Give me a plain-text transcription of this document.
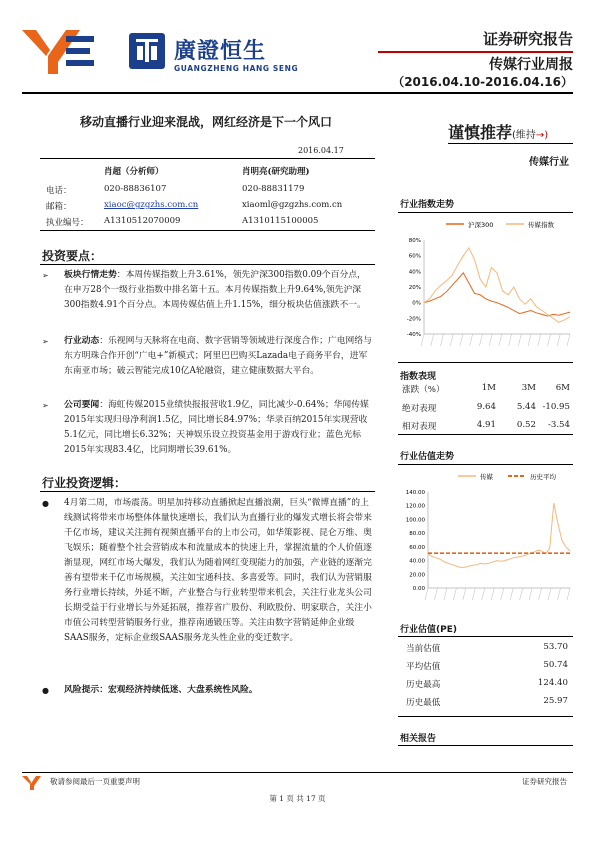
廣證恒生
GUANGZHENG HANG SENG
证券研究报告
传媒行业周报
（2016.04.10-2016.04.16）
移动直播行业迎来混战，网红经济是下一个风口
谨慎推荐(维持→)
传媒行业
2016.04.17
肖超（分析师）	肖明亮(研究助理)
电话：	020-88836107	020-88831179
邮箱：	xiaoc@gzgzhs.com.cn	xiaoml@gzgzhs.com.cn
执业编号： A1310512070009	A1310115100005
投资要点：
➢ 板块行情走势：本周传媒指数上升3.61%，领先沪深300指数0.09个百分点，在申万28个一级行业指数中排名第十五。本月传媒指数上升9.64%,领先沪深300指数4.91个百分点。本周传媒估值上升1.15%，细分板块估值涨跌不一。
➢ 行业动态：乐视网与天脉将在电商、数字营销等领域进行深度合作；广电网络与东方明珠合作开创“广电+”新模式；阿里巴巴购买Lazada电子商务平台，进军东南亚市场；破云智能完成10亿A轮融资，建立健康数据大平台。
➢ 公司要闻：海虹传媒2015业绩快报报营收1.9亿，同比减少-0.64%；华闻传媒2015年实现归母净利润1.5亿，同比增长84.97%；华录百纳2015年实现营收5.1亿元，同比增长6.32%；天神娱乐设立投资基金用于游戏行业；蓝色光标2015年实现83.4亿，比同期增长39.61%。
行业投资逻辑：
● 4月第二周，市场震荡。明星加持移动直播掀起直播浪潮，巨头“微博直播”的上线测试将带来市场整体体量快速增长，我们认为直播行业的爆发式增长将会带来千亿市场，建议关注拥有视频直播平台的上市公司，如华策影视、昆仑万维、奥飞娱乐；随着整个社会营销成本和流量成本的快速上升，掌握流量的个人价值逐渐显现，网红市场大爆发，我们认为随着网红变现能力的加强，产业链的逐渐完善有望带来千亿市场规模，关注如宝通科技、多喜爱等。同时，我们认为营销服务行业增长持续，外延不断，产业整合与行业转型带来机会，关注行业龙头公司长期受益于行业增长与外延拓展，推荐省广股份、利欧股份、明家联合，关注小市值公司转型营销服务行业，推荐南通锻压等。关注由数字营销延伸企业级SAAS服务，定标企业级SAAS服务龙头性企业的变迁数字。
● 风险提示：宏观经济持续低迷、大盘系统性风险。
行业指数走势
沪深300	传媒指数
80%
60%
40%
20%
0%
-20%
-40%
指数表现
涨跌（%）	1M	3M	6M
绝对表现	9.64	5.44 -10.95
相对表现	4.91	0.52	-3.54
行业估值走势
传媒	历史平均
140.00
120.00
100.00
80.00
60.00
40.00
20.00
0.00
行业估值(PE)
当前估值	53.70
平均估值	50.74
历史最高	124.40
历史最低	25.97
相关报告
敬请参阅最后一页重要声明	证券研究报告
第 1 页 共 17 页
